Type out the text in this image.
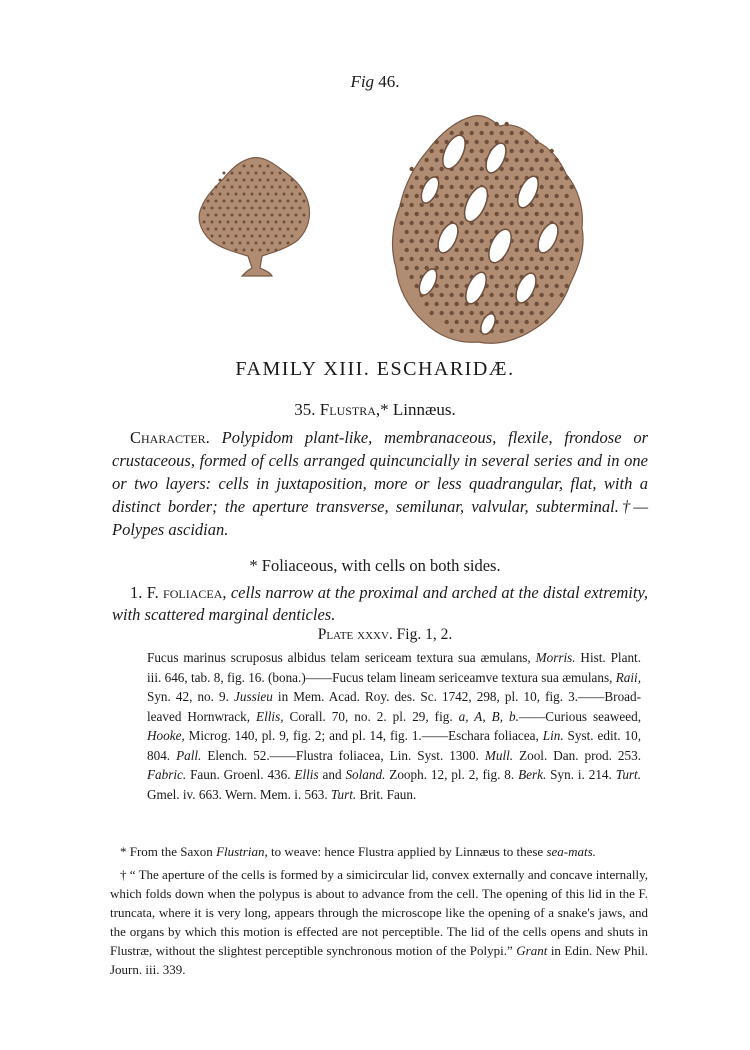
Fig 46.
FAMILY XIII. ESCHARIDÆ.
35. Flustra,* Linnæus.
Character. Polypidom plant-like, membranaceous, flexile, frondose or crustaceous, formed of cells arranged quincuncially in several series and in one or two layers: cells in juxtaposition, more or less quadrangular, flat, with a distinct border; the aperture transverse, semilunar, valvular, subterminal.†—Polypes ascidian.
* Foliaceous, with cells on both sides.
1. F. foliacea, cells narrow at the proximal and arched at the distal extremity, with scattered marginal denticles.
Plate xxxv. Fig. 1, 2.
Fucus marinus scruposus albidus telam sericeam textura sua æmulans, Morris. Hist. Plant. iii. 646, tab. 8, fig. 16. (bona.)——Fucus telam lineam sericeamve textura sua æmulans, Raii, Syn. 42, no. 9. Jussieu in Mem. Acad. Roy. des. Sc. 1742, 298, pl. 10, fig. 3.——Broad-leaved Hornwrack, Ellis, Corall. 70, no. 2. pl. 29, fig. a, A, B, b.——Curious seaweed, Hooke, Microg. 140, pl. 9, fig. 2; and pl. 14, fig. 1.——Eschara foliacea, Lin. Syst. edit. 10, 804. Pall. Elench. 52.——Flustra foliacea, Lin. Syst. 1300. Mull. Zool. Dan. prod. 253. Fabric. Faun. Groenl. 436. Ellis and Soland. Zooph. 12, pl. 2, fig. 8. Berk. Syn. i. 214. Turt. Gmel. iv. 663. Wern. Mem. i. 563. Turt. Brit. Faun.

* From the Saxon Flustrian, to weave: hence Flustra applied by Linnæus to these sea-mats.

† “ The aperture of the cells is formed by a simicircular lid, convex externally and concave internally, which folds down when the polypus is about to advance from the cell. The opening of this lid in the F. truncata, where it is very long, appears through the microscope like the opening of a snake's jaws, and the organs by which this motion is effected are not perceptible. The lid of the cells opens and shuts in Flustræ, without the slightest perceptible synchronous motion of the Polypi.” Grant in Edin. New Phil. Journ. iii. 339.
